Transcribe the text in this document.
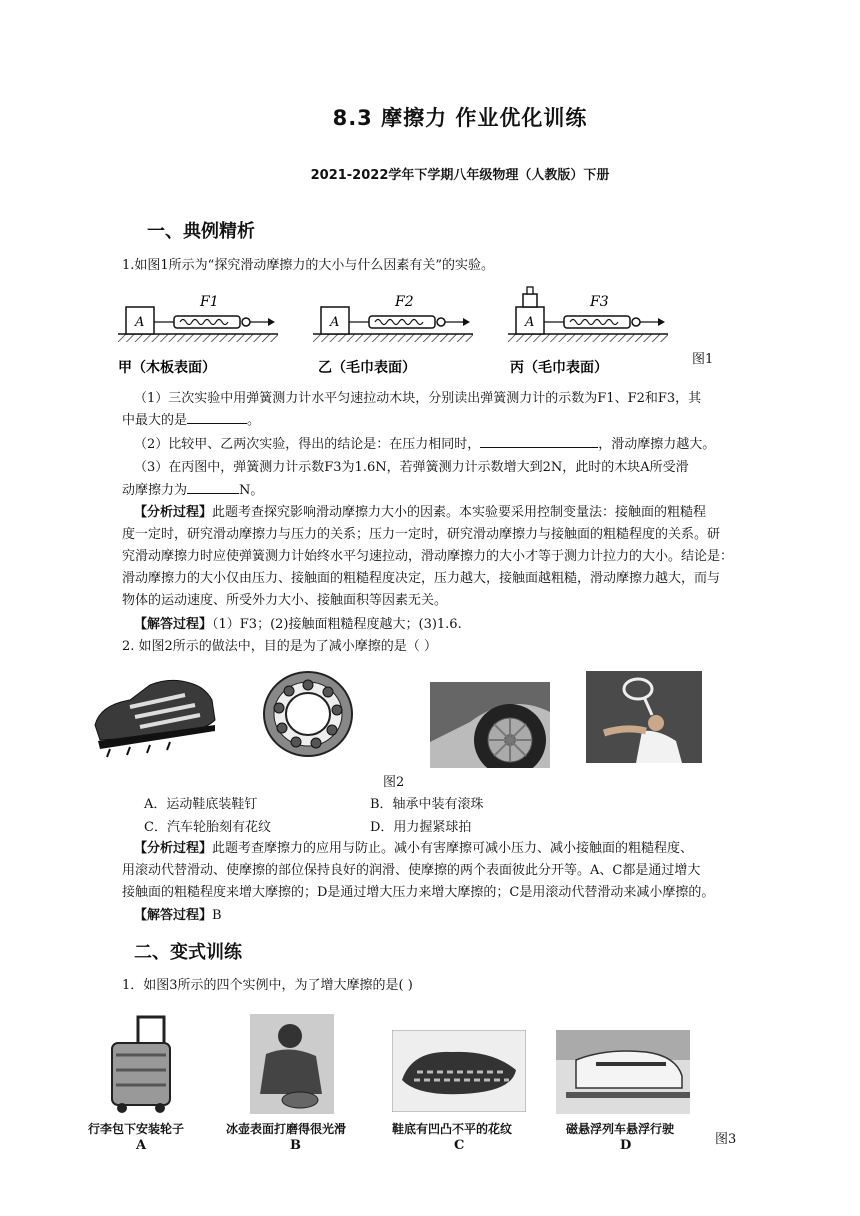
8.3 摩擦力 作业优化训练
2021-2022学年下学期八年级物理（人教版）下册
一、典例精析
1.如图1所示为“探究滑动摩擦力的大小与什么因素有关”的实验。
A
F1
A
F2
A
F3
甲（木板表面）	乙（毛巾表面）	丙（毛巾表面）
图1
（1）三次实验中用弹簧测力计水平匀速拉动木块，分别读出弹簧测力计的示数为F1、F2和F3，其
中最大的是	。
（2）比较甲、乙两次实验，得出的结论是：在压力相同时，	，滑动摩擦力越大。
（3）在丙图中，弹簧测力计示数F3为1.6N，若弹簧测力计示数增大到2N，此时的木块A所受滑
动摩擦力为	N。
【分析过程】此题考查探究影响滑动摩擦力大小的因素。本实验要采用控制变量法：接触面的粗糙程
度一定时，研究滑动摩擦力与压力的关系；压力一定时，研究滑动摩擦力与接触面的粗糙程度的关系。研
究滑动摩擦力时应使弹簧测力计始终水平匀速拉动，滑动摩擦力的大小才等于测力计拉力的大小。结论是：
滑动摩擦力的大小仅由压力、接触面的粗糙程度决定，压力越大，接触面越粗糙，滑动摩擦力越大，而与
物体的运动速度、所受外力大小、接触面积等因素无关。
【解答过程】（1）F3；(2)接触面粗糙程度越大；(3)1.6.
2. 如图2所示的做法中，目的是为了减小摩擦的是（ ）
图2
A．运动鞋底装鞋钉	B．轴承中装有滚珠
C．汽车轮胎刻有花纹	D．用力握紧球拍
【分析过程】此题考查摩擦力的应用与防止。减小有害摩擦可减小压力、减小接触面的粗糙程度、
用滚动代替滑动、使摩擦的部位保持良好的润滑、使摩擦的两个表面彼此分开等。A、C都是通过增大
接触面的粗糙程度来增大摩擦的；D是通过增大压力来增大摩擦的；C是用滚动代替滑动来减小摩擦的。
【解答过程】B
二、变式训练
1．如图3所示的四个实例中，为了增大摩擦的是( )
行李包下安装轮子	冰壶表面打磨得很光滑	鞋底有凹凸不平的花纹	磁悬浮列车悬浮行驶
A	B	C	D	图3
